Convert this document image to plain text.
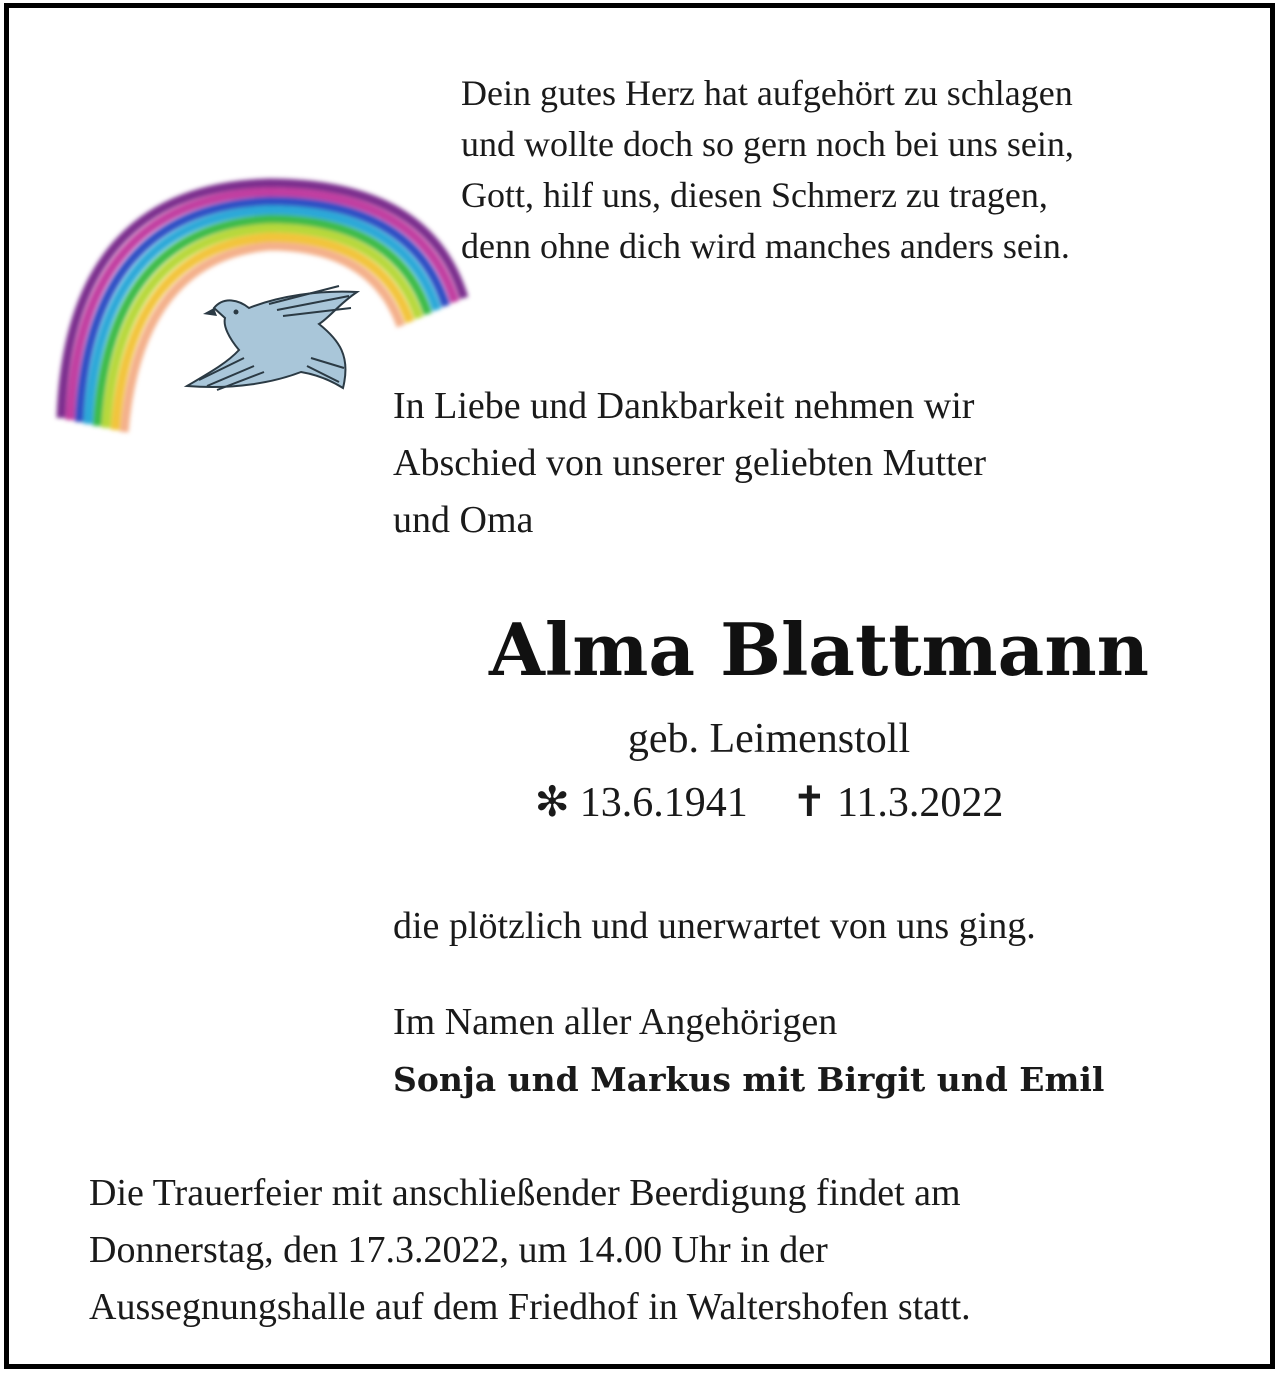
Dein gutes Herz hat aufgehört zu schlagen
und wollte doch so gern noch bei uns sein,
Gott, hilf uns, diesen Schmerz zu tragen,
denn ohne dich wird manches anders sein.
In Liebe und Dankbarkeit nehmen wir
Abschied von unserer geliebten Mutter
und Oma
Alma Blattmann
geb. Leimenstoll
✻ 13.6.1941 ✝ 11.3.2022
die plötzlich und unerwartet von uns ging.
Im Namen aller Angehörigen
Sonja und Markus mit Birgit und Emil
Die Trauerfeier mit anschließender Beerdigung findet am
Donnerstag, den 17.3.2022, um 14.00 Uhr in der
Aussegnungshalle auf dem Friedhof in Waltershofen statt.
